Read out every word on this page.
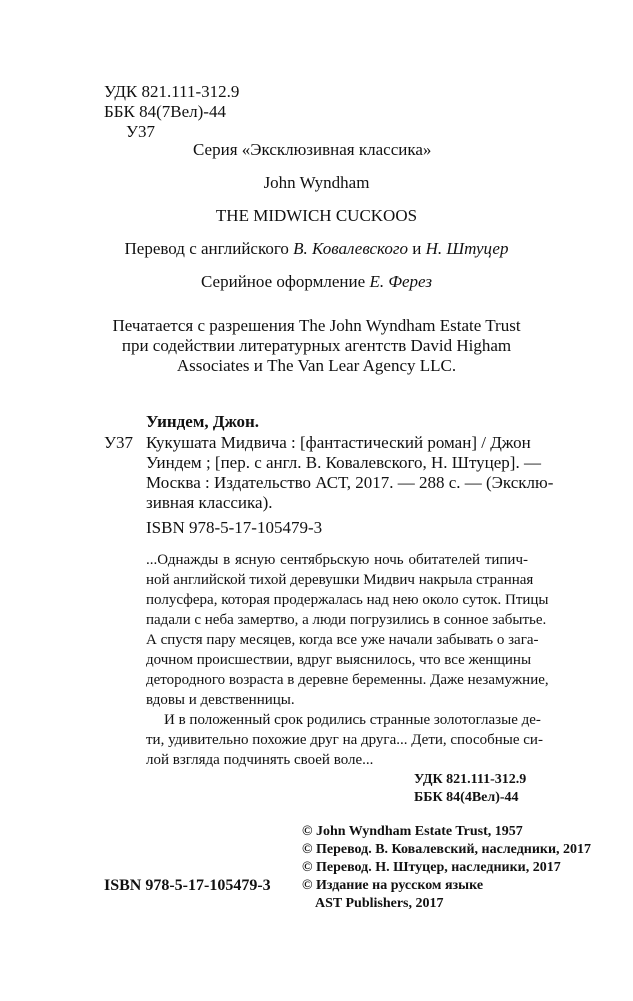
УДК 821.111-312.9
ББК 84(7Вел)-44
У37
Серия «Эксклюзивная классика»
John Wyndham
THE MIDWICH CUCKOOS
Перевод с английского В. Ковалевского и Н. Штуцер
Серийное оформление Е. Ферез
Печатается с разрешения The John Wyndham Estate Trust
при содействии литературных агентств David Higham
Associates и The Van Lear Agency LLC.
Уиндем, Джон.
У37 Кукушата Мидвича : [фантастический роман] / Джон
Уиндем ; [пер. с англ. В. Ковалевского, Н. Штуцер]. —
Москва : Издательство АСТ, 2017. — 288 с. — (Эксклю-
зивная классика).
ISBN 978-5-17-105479-3
...Однажды в ясную сентябрьскую ночь обитателей типич-
ной английской тихой деревушки Мидвич накрыла странная
полусфера, которая продержалась над нею около суток. Птицы
падали с неба замертво, а люди погрузились в сонное забытье.
А спустя пару месяцев, когда все уже начали забывать о зага-
дочном происшествии, вдруг выяснилось, что все женщины
детородного возраста в деревне беременны. Даже незамужние,
вдовы и девственницы.
И в положенный срок родились странные золотоглазые де-
ти, удивительно похожие друг на друга... Дети, способные си-
лой взгляда подчинять своей воле...
УДК 821.111-312.9
ББК 84(4Вел)-44
© John Wyndham Estate Trust, 1957
© Перевод. В. Ковалевский, наследники, 2017
© Перевод. Н. Штуцер, наследники, 2017
© Издание на русском языке
AST Publishers, 2017
ISBN 978-5-17-105479-3
